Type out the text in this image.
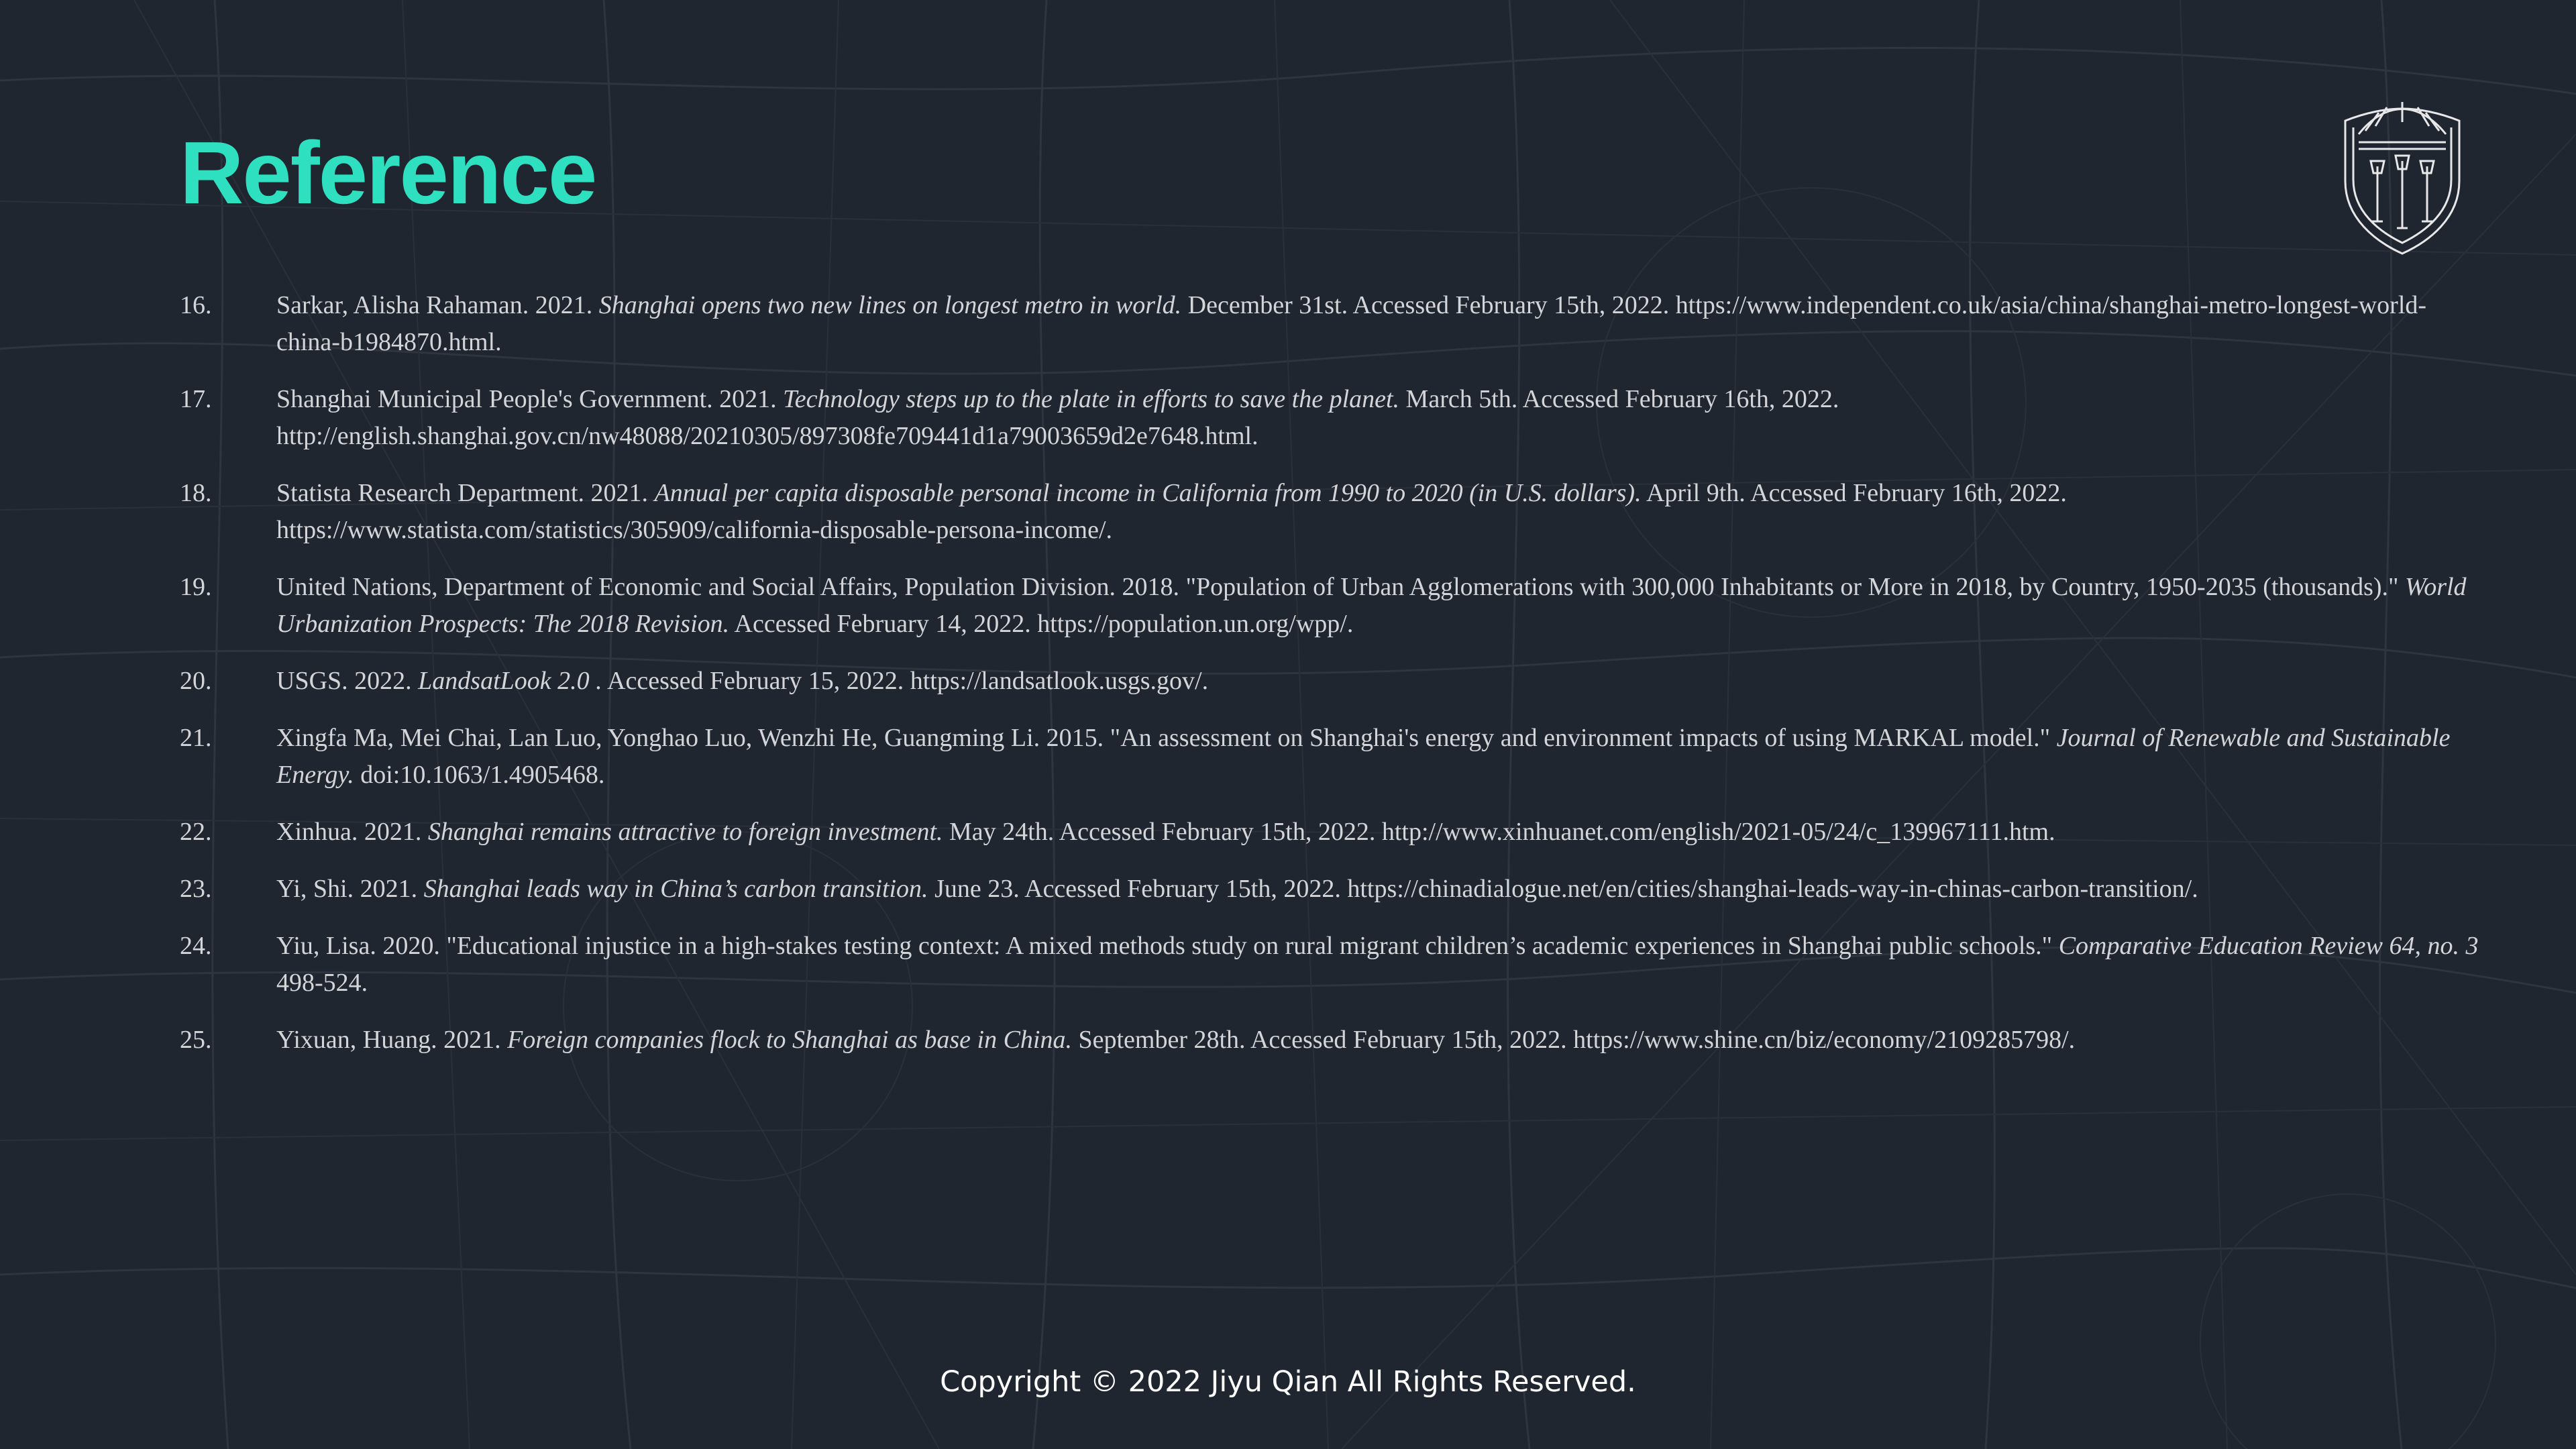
Reference
16.	Sarkar, Alisha Rahaman. 2021. Shanghai opens two new lines on longest metro in world. December 31st. Accessed February 15th, 2022. https://www.independent.co.uk/asia/china/shanghai-metro-longest-world-china-b1984870.html.
17.	Shanghai Municipal People's Government. 2021. Technology steps up to the plate in efforts to save the planet. March 5th. Accessed February 16th, 2022. http://english.shanghai.gov.cn/nw48088/20210305/897308fe709441d1a79003659d2e7648.html.
18.	Statista Research Department. 2021. Annual per capita disposable personal income in California from 1990 to 2020 (in U.S. dollars). April 9th. Accessed February 16th, 2022. https://www.statista.com/statistics/305909/california-disposable-persona-income/.
19.	United Nations, Department of Economic and Social Affairs, Population Division. 2018. "Population of Urban Agglomerations with 300,000 Inhabitants or More in 2018, by Country, 1950-2035 (thousands)." World Urbanization Prospects: The 2018 Revision. Accessed February 14, 2022. https://population.un.org/wpp/.
20.	USGS. 2022. LandsatLook 2.0 . Accessed February 15, 2022. https://landsatlook.usgs.gov/.
21.	Xingfa Ma, Mei Chai, Lan Luo, Yonghao Luo, Wenzhi He, Guangming Li. 2015. "An assessment on Shanghai's energy and environment impacts of using MARKAL model." Journal of Renewable and Sustainable Energy. doi:10.1063/1.4905468.
22.	Xinhua. 2021. Shanghai remains attractive to foreign investment. May 24th. Accessed February 15th, 2022. http://www.xinhuanet.com/english/2021-05/24/c_139967111.htm.
23.	Yi, Shi. 2021. Shanghai leads way in China’s carbon transition. June 23. Accessed February 15th, 2022. https://chinadialogue.net/en/cities/shanghai-leads-way-in-chinas-carbon-transition/.
24.	Yiu, Lisa. 2020. "Educational injustice in a high-stakes testing context: A mixed methods study on rural migrant children’s academic experiences in Shanghai public schools." Comparative Education Review 64, no. 3 498-524.
25.	Yixuan, Huang. 2021. Foreign companies flock to Shanghai as base in China. September 28th. Accessed February 15th, 2022. https://www.shine.cn/biz/economy/2109285798/.
Copyright © 2022 Jiyu Qian All Rights Reserved.
